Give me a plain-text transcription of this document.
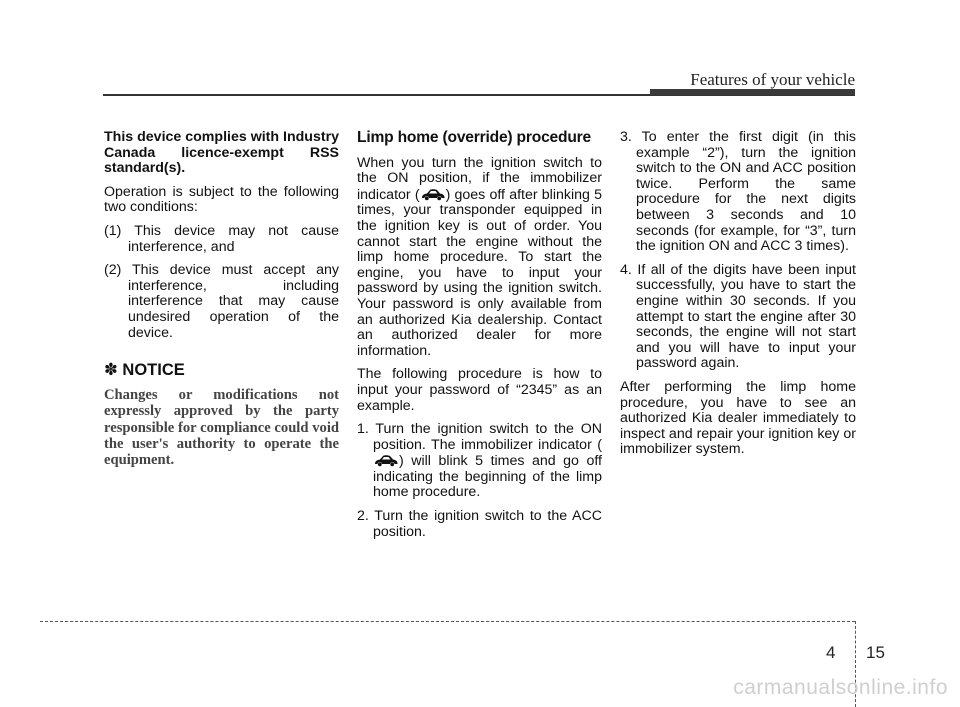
Features of your vehicle

This device complies with Industry Canada licence-exempt RSS standard(s).

Operation is subject to the following two conditions:

(1) This device may not cause interference, and
(2) This device must accept any interference, including interference that may cause undesired operation of the device.
✽ NOTICE
Changes or modifications not expressly approved by the party responsible for compliance could void the user's authority to operate the equipment.
Limp home (override) procedure

When you turn the ignition switch to the ON position, if the immobilizer indicator ( ) goes off after blinking 5 times, your transponder equipped in the ignition key is out of order. You cannot start the engine without the limp home procedure. To start the engine, you have to input your password by using the ignition switch. Your password is only available from an authorized Kia dealership. Contact an authorized dealer for more information.

The following procedure is how to input your password of “2345” as an example.

1. Turn the ignition switch to the ON position. The immobilizer indicator () will blink 5 times and go off indicating the beginning of the limp home procedure.
2. Turn the ignition switch to the ACC position.
3. To enter the first digit (in this example “2”), turn the ignition switch to the ON and ACC position twice. Perform the same procedure for the next digits between 3 seconds and 10 seconds (for example, for “3”, turn the ignition ON and ACC 3 times).
4. If all of the digits have been input successfully, you have to start the engine within 30 seconds. If you attempt to start the engine after 30 seconds, the engine will not start and you will have to input your password again.

After performing the limp home procedure, you have to see an authorized Kia dealer immediately to inspect and repair your ignition key or immobilizer system.

4 15
carmanualsonline.info
